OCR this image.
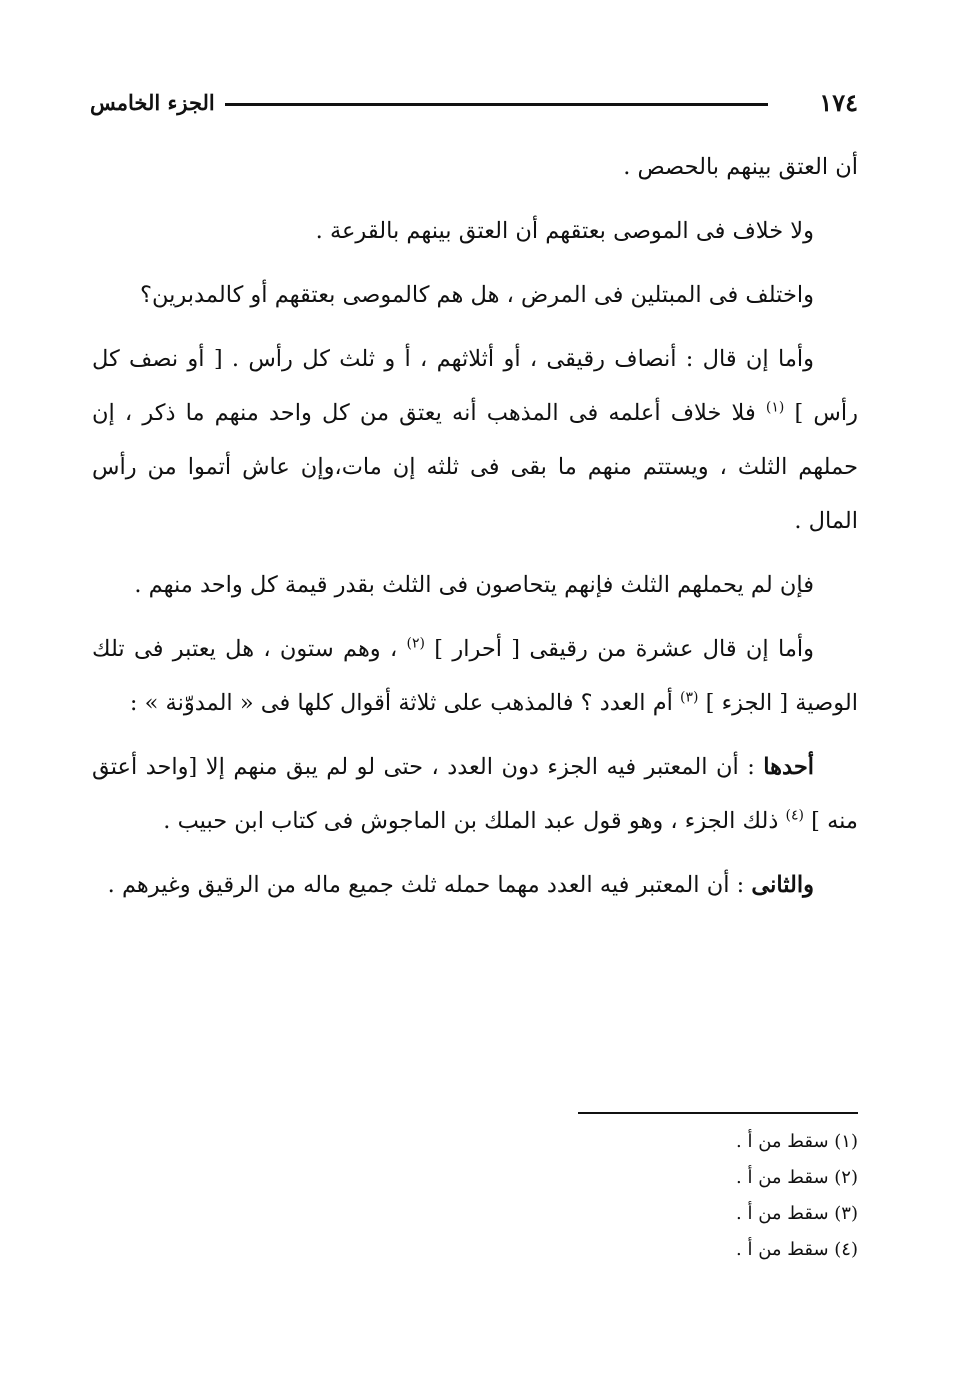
١٧٤
الجزء الخامس

أن العتق بينهم بالحصص .

ولا خلاف فى الموصى بعتقهم أن العتق بينهم بالقرعة .

واختلف فى المبتلين فى المرض ، هل هم كالموصى بعتقهم أو كالمدبرين؟

وأما إن قال : أنصاف رقيقى ، أو أثلاثهم ، أ و ثلث كل رأس . [ أو نصف كل رأس ] $^{(١)}$ فلا خلاف أعلمه فى المذهب أنه يعتق من كل واحد منهم ما ذكر ، إن حملهم الثلث ، ويستتم منهم ما بقى فى ثلثه إن مات،وإن عاش أتموا من رأس المال .

فإن لم يحملهم الثلث فإنهم يتحاصون فى الثلث بقدر قيمة كل واحد منهم .

وأما إن قال عشرة من رقيقى [ أحرار ] $^{(٢)}$ ، وهم ستون ، هل يعتبر فى تلك الوصية [ الجزء ] $^{(٣)}$ أم العدد ؟ فالمذهب على ثلاثة أقوال كلها فى « المدوّنة » :

أحدها : أن المعتبر فيه الجزء دون العدد ، حتى لو لم يبق منهم إلا [واحد أعتق منه ] $^{(٤)}$ ذلك الجزء ، وهو قول عبد الملك بن الماجوش فى كتاب ابن حبيب .

والثانى : أن المعتبر فيه العدد مهما حمله ثلث جميع ماله من الرقيق وغيرهم .

(١) سقط من أ .
(٢) سقط من أ .
(٣) سقط من أ .
(٤) سقط من أ .
